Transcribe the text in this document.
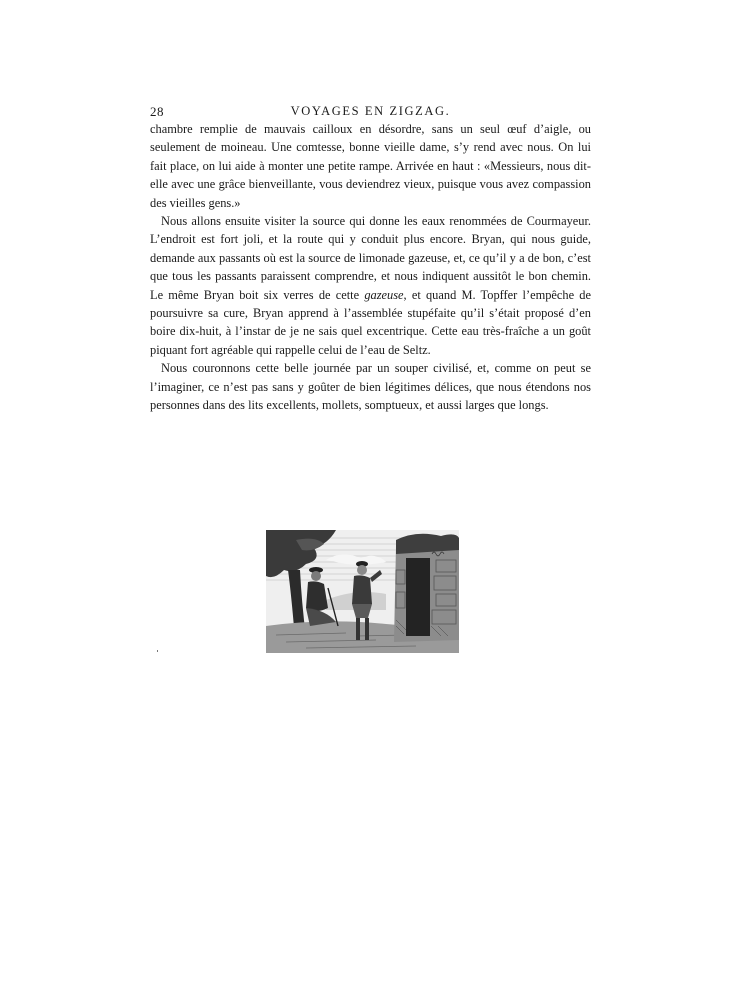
28	VOYAGES EN ZIGZAG.

chambre remplie de mauvais cailloux en désordre, sans un seul œuf d’aigle, ou seulement de moineau. Une comtesse, bonne vieille dame, s’y rend avec nous. On lui fait place, on lui aide à monter une petite rampe. Arrivée en haut : «Messieurs, nous dit-elle avec une grâce bienveillante, vous deviendrez vieux, puisque vous avez compassion des vieilles gens.»

Nous allons ensuite visiter la source qui donne les eaux renommées de Courmayeur. L’endroit est fort joli, et la route qui y conduit plus encore. Bryan, qui nous guide, demande aux passants où est la source de limonade gazeuse, et, ce qu’il y a de bon, c’est que tous les passants paraissent comprendre, et nous indiquent aussitôt le bon chemin. Le même Bryan boit six verres de cette gazeuse, et quand M. Topffer l’empêche de poursuivre sa cure, Bryan apprend à l’assemblée stupéfaite qu’il s’était proposé d’en boire dix-huit, à l’instar de je ne sais quel excentrique. Cette eau très-fraîche a un goût piquant fort agréable qui rappelle celui de l’eau de Seltz.

Nous couronnons cette belle journée par un souper civilisé, et, comme on peut se l’imaginer, ce n’est pas sans y goûter de bien légitimes délices, que nous étendons nos personnes dans des lits excellents, mollets, somptueux, et aussi larges que longs.
